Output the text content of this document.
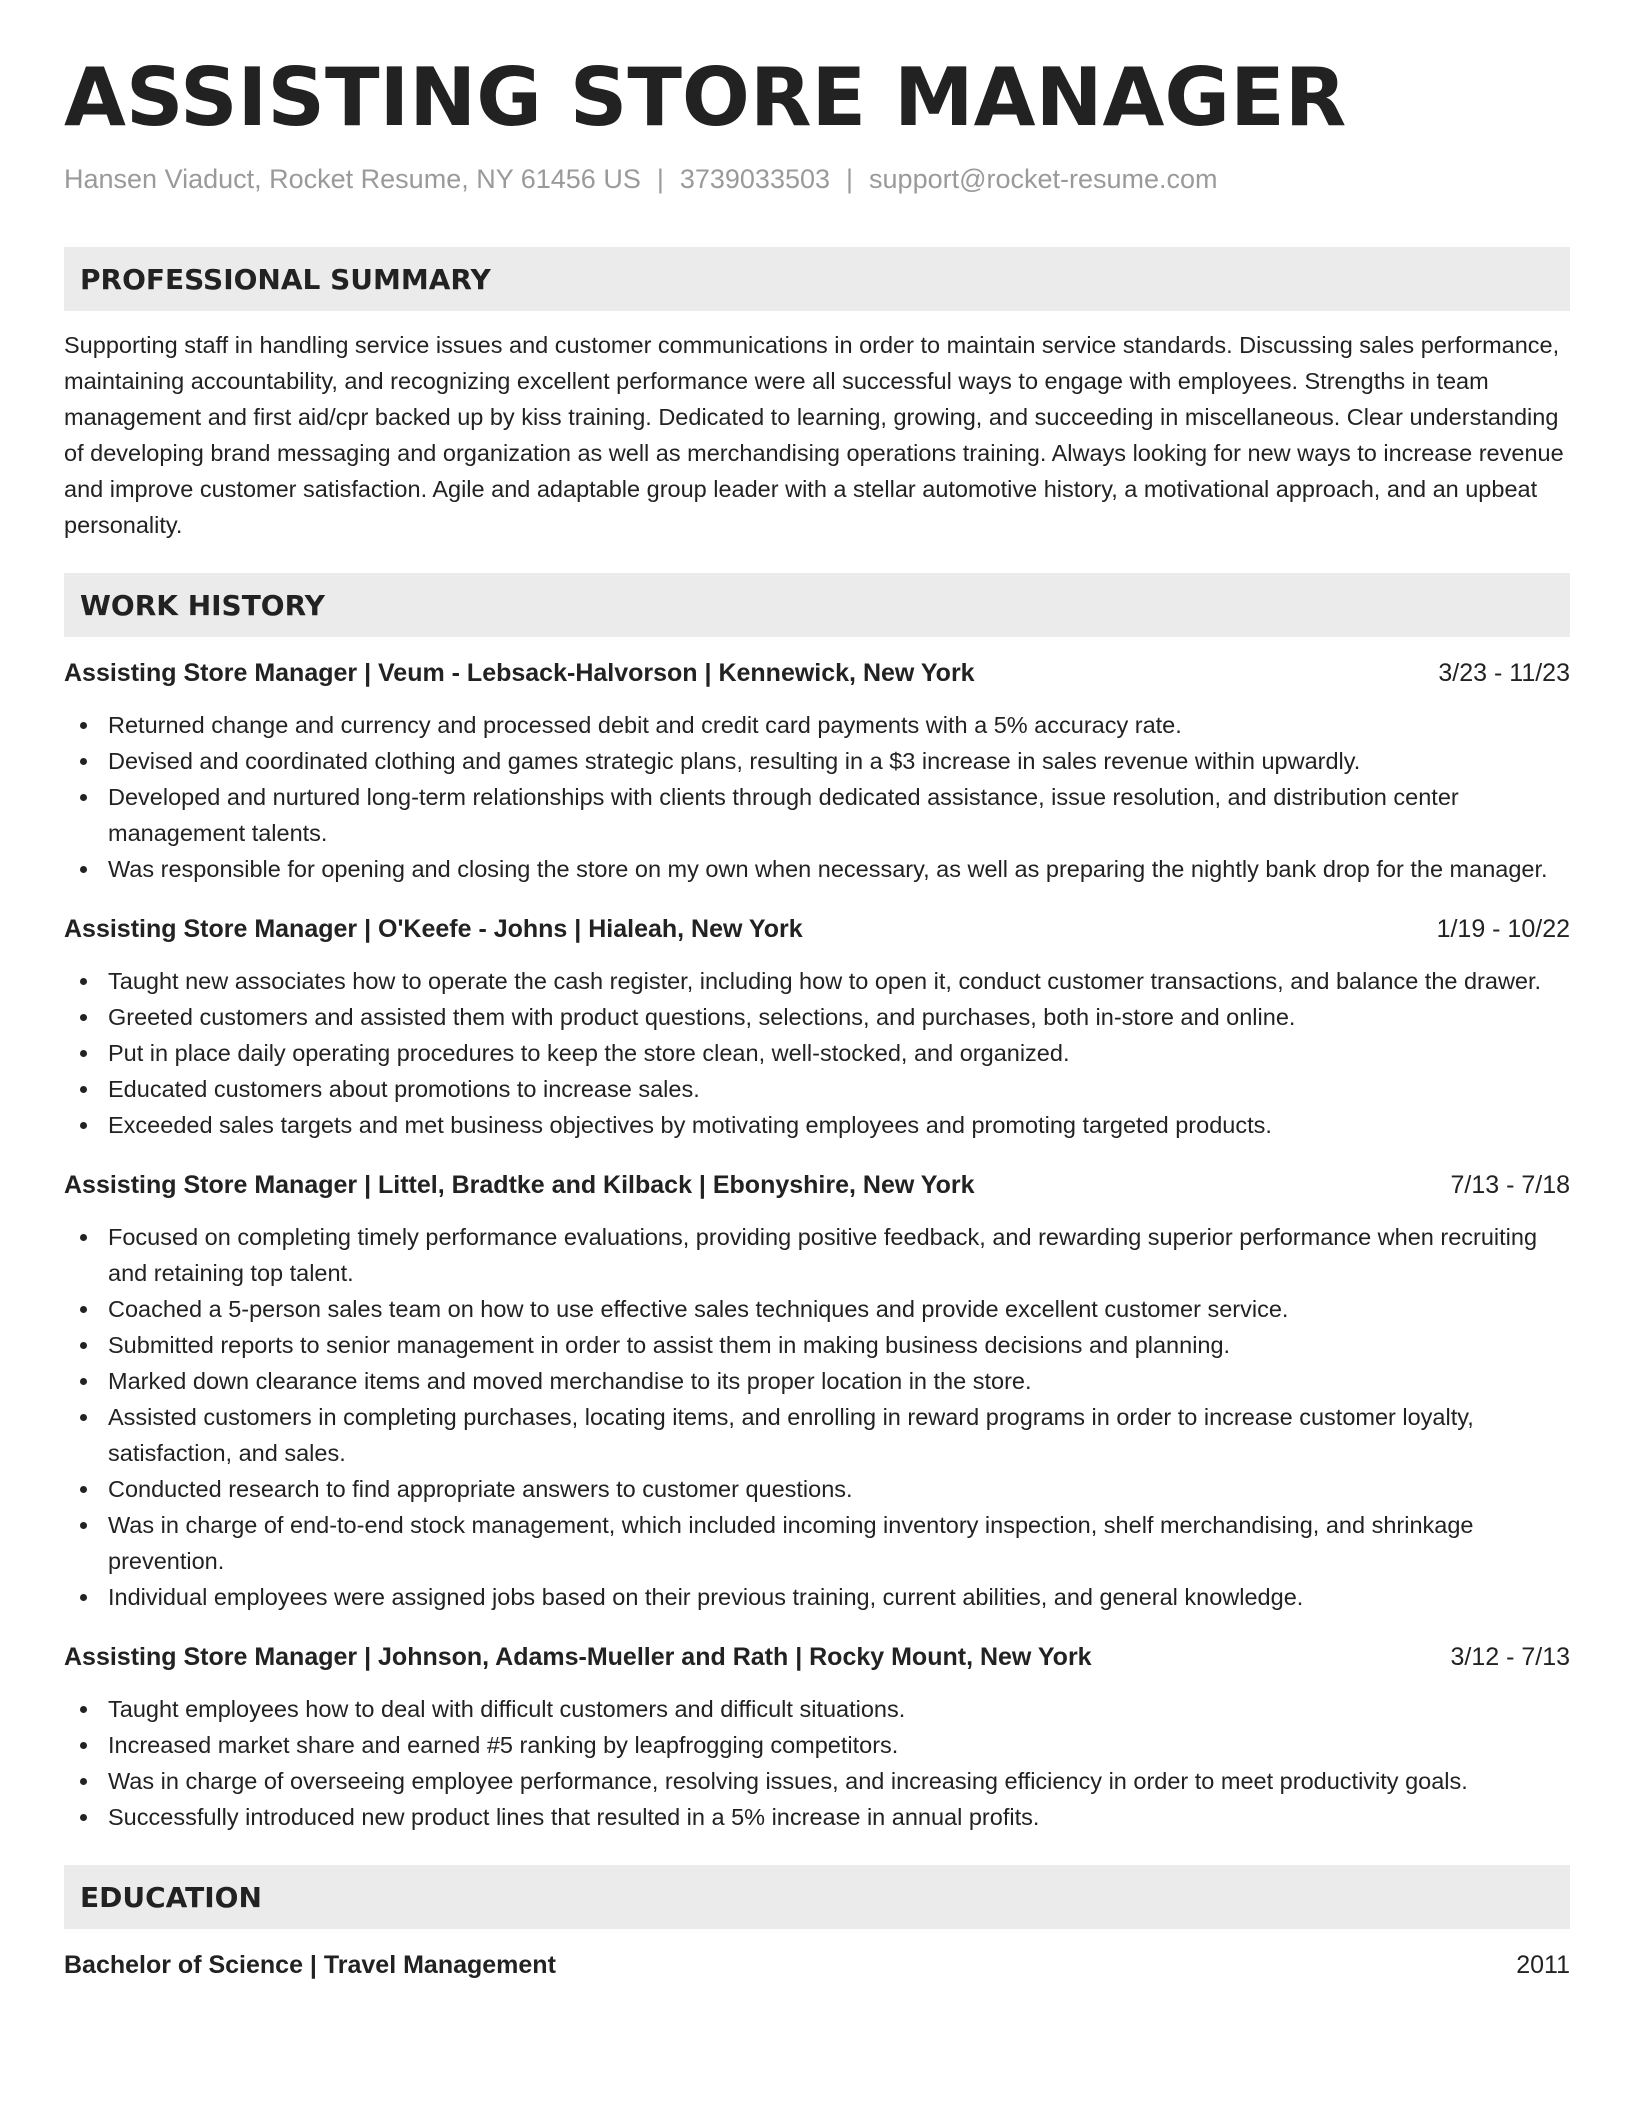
ASSISTING STORE MANAGER
Hansen Viaduct, Rocket Resume, NY 61456 US | 3739033503 | support@rocket-resume.com
PROFESSIONAL SUMMARY

Supporting staff in handling service issues and customer communications in order to maintain service standards. Discussing sales performance, maintaining accountability, and recognizing excellent performance were all successful ways to engage with employees. Strengths in team management and first aid/cpr backed up by kiss training. Dedicated to learning, growing, and succeeding in miscellaneous. Clear understanding of developing brand messaging and organization as well as merchandising operations training. Always looking for new ways to increase revenue and improve customer satisfaction. Agile and adaptable group leader with a stellar automotive history, a motivational approach, and an upbeat personality.

WORK HISTORY
Assisting Store Manager | Veum - Lebsack-Halvorson | Kennewick, New York	3/23 - 11/23
Returned change and currency and processed debit and credit card payments with a 5% accuracy rate.
Devised and coordinated clothing and games strategic plans, resulting in a $3 increase in sales revenue within upwardly.
Developed and nurtured long-term relationships with clients through dedicated assistance, issue resolution, and distribution center management talents.
Was responsible for opening and closing the store on my own when necessary, as well as preparing the nightly bank drop for the manager.
Assisting Store Manager | O'Keefe - Johns | Hialeah, New York	1/19 - 10/22
Taught new associates how to operate the cash register, including how to open it, conduct customer transactions, and balance the drawer.
Greeted customers and assisted them with product questions, selections, and purchases, both in-store and online.
Put in place daily operating procedures to keep the store clean, well-stocked, and organized.
Educated customers about promotions to increase sales.
Exceeded sales targets and met business objectives by motivating employees and promoting targeted products.
Assisting Store Manager | Littel, Bradtke and Kilback | Ebonyshire, New York	7/13 - 7/18
Focused on completing timely performance evaluations, providing positive feedback, and rewarding superior performance when recruiting and retaining top talent.
Coached a 5-person sales team on how to use effective sales techniques and provide excellent customer service.
Submitted reports to senior management in order to assist them in making business decisions and planning.
Marked down clearance items and moved merchandise to its proper location in the store.
Assisted customers in completing purchases, locating items, and enrolling in reward programs in order to increase customer loyalty, satisfaction, and sales.
Conducted research to find appropriate answers to customer questions.
Was in charge of end-to-end stock management, which included incoming inventory inspection, shelf merchandising, and shrinkage prevention.
Individual employees were assigned jobs based on their previous training, current abilities, and general knowledge.
Assisting Store Manager | Johnson, Adams-Mueller and Rath | Rocky Mount, New York	3/12 - 7/13
Taught employees how to deal with difficult customers and difficult situations.
Increased market share and earned #5 ranking by leapfrogging competitors.
Was in charge of overseeing employee performance, resolving issues, and increasing efficiency in order to meet productivity goals.
Successfully introduced new product lines that resulted in a 5% increase in annual profits.
EDUCATION
Bachelor of Science | Travel Management	2011
